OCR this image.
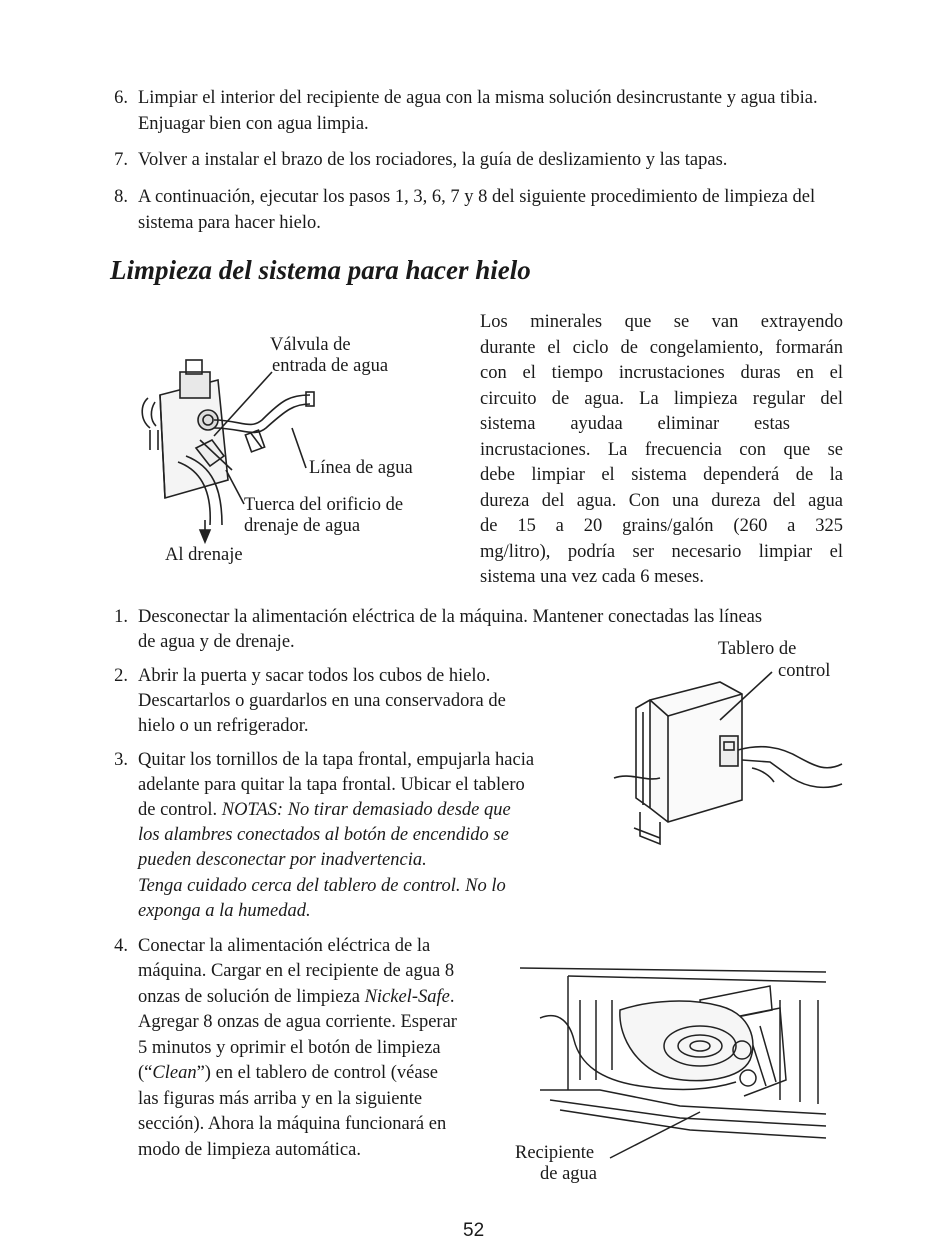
6. Limpiar el interior del recipiente de agua con la misma solución desincrustante y agua tibia. Enjuagar bien con agua limpia.
7. Volver a instalar el brazo de los rociadores, la guía de deslizamiento y las tapas.
8. A continuación, ejecutar los pasos 1, 3, 6, 7 y 8 del siguiente procedimiento de limpieza del sistema para hacer hielo.
Limpieza del sistema para hacer hielo
Los minerales que se van extrayendo
durante el ciclo de congelamiento, formarán
con el tiempo incrustaciones duras en el
circuito de agua. La limpieza regular del
sistema ayudaa eliminar estas
incrustaciones. La frecuencia con que se
debe limpiar el sistema dependerá de la
dureza del agua. Con una dureza del agua
de 15 a 20 grains/galón (260 a 325
mg/litro), podría ser necesario limpiar el
sistema una vez cada 6 meses.
Válvula de
entrada de agua
Línea de agua
Tuerca del orificio de
drenaje de agua
Al drenaje
1. Desconectar la alimentación eléctrica de la máquina. Mantener conectadas las líneas
de agua y de drenaje.
2. Abrir la puerta y sacar todos los cubos de hielo.
Descartarlos o guardarlos en una conservadora de
hielo o un refrigerador.
3. Quitar los tornillos de la tapa frontal, empujarla hacia
adelante para quitar la tapa frontal. Ubicar el tablero
de control. NOTAS: No tirar demasiado desde que
los alambres conectados al botón de encendido se
pueden desconectar por inadvertencia.
Tenga cuidado cerca del tablero de control. No lo
exponga a la humedad.
Tablero de
control
4. Conectar la alimentación eléctrica de la
máquina. Cargar en el recipiente de agua 8
onzas de solución de limpieza Nickel-Safe.
Agregar 8 onzas de agua corriente. Esperar
5 minutos y oprimir el botón de limpieza
(“Clean”) en el tablero de control (véase
las figuras más arriba y en la siguiente
sección). Ahora la máquina funcionará en
modo de limpieza automática.	Recipiente
de agua
52
